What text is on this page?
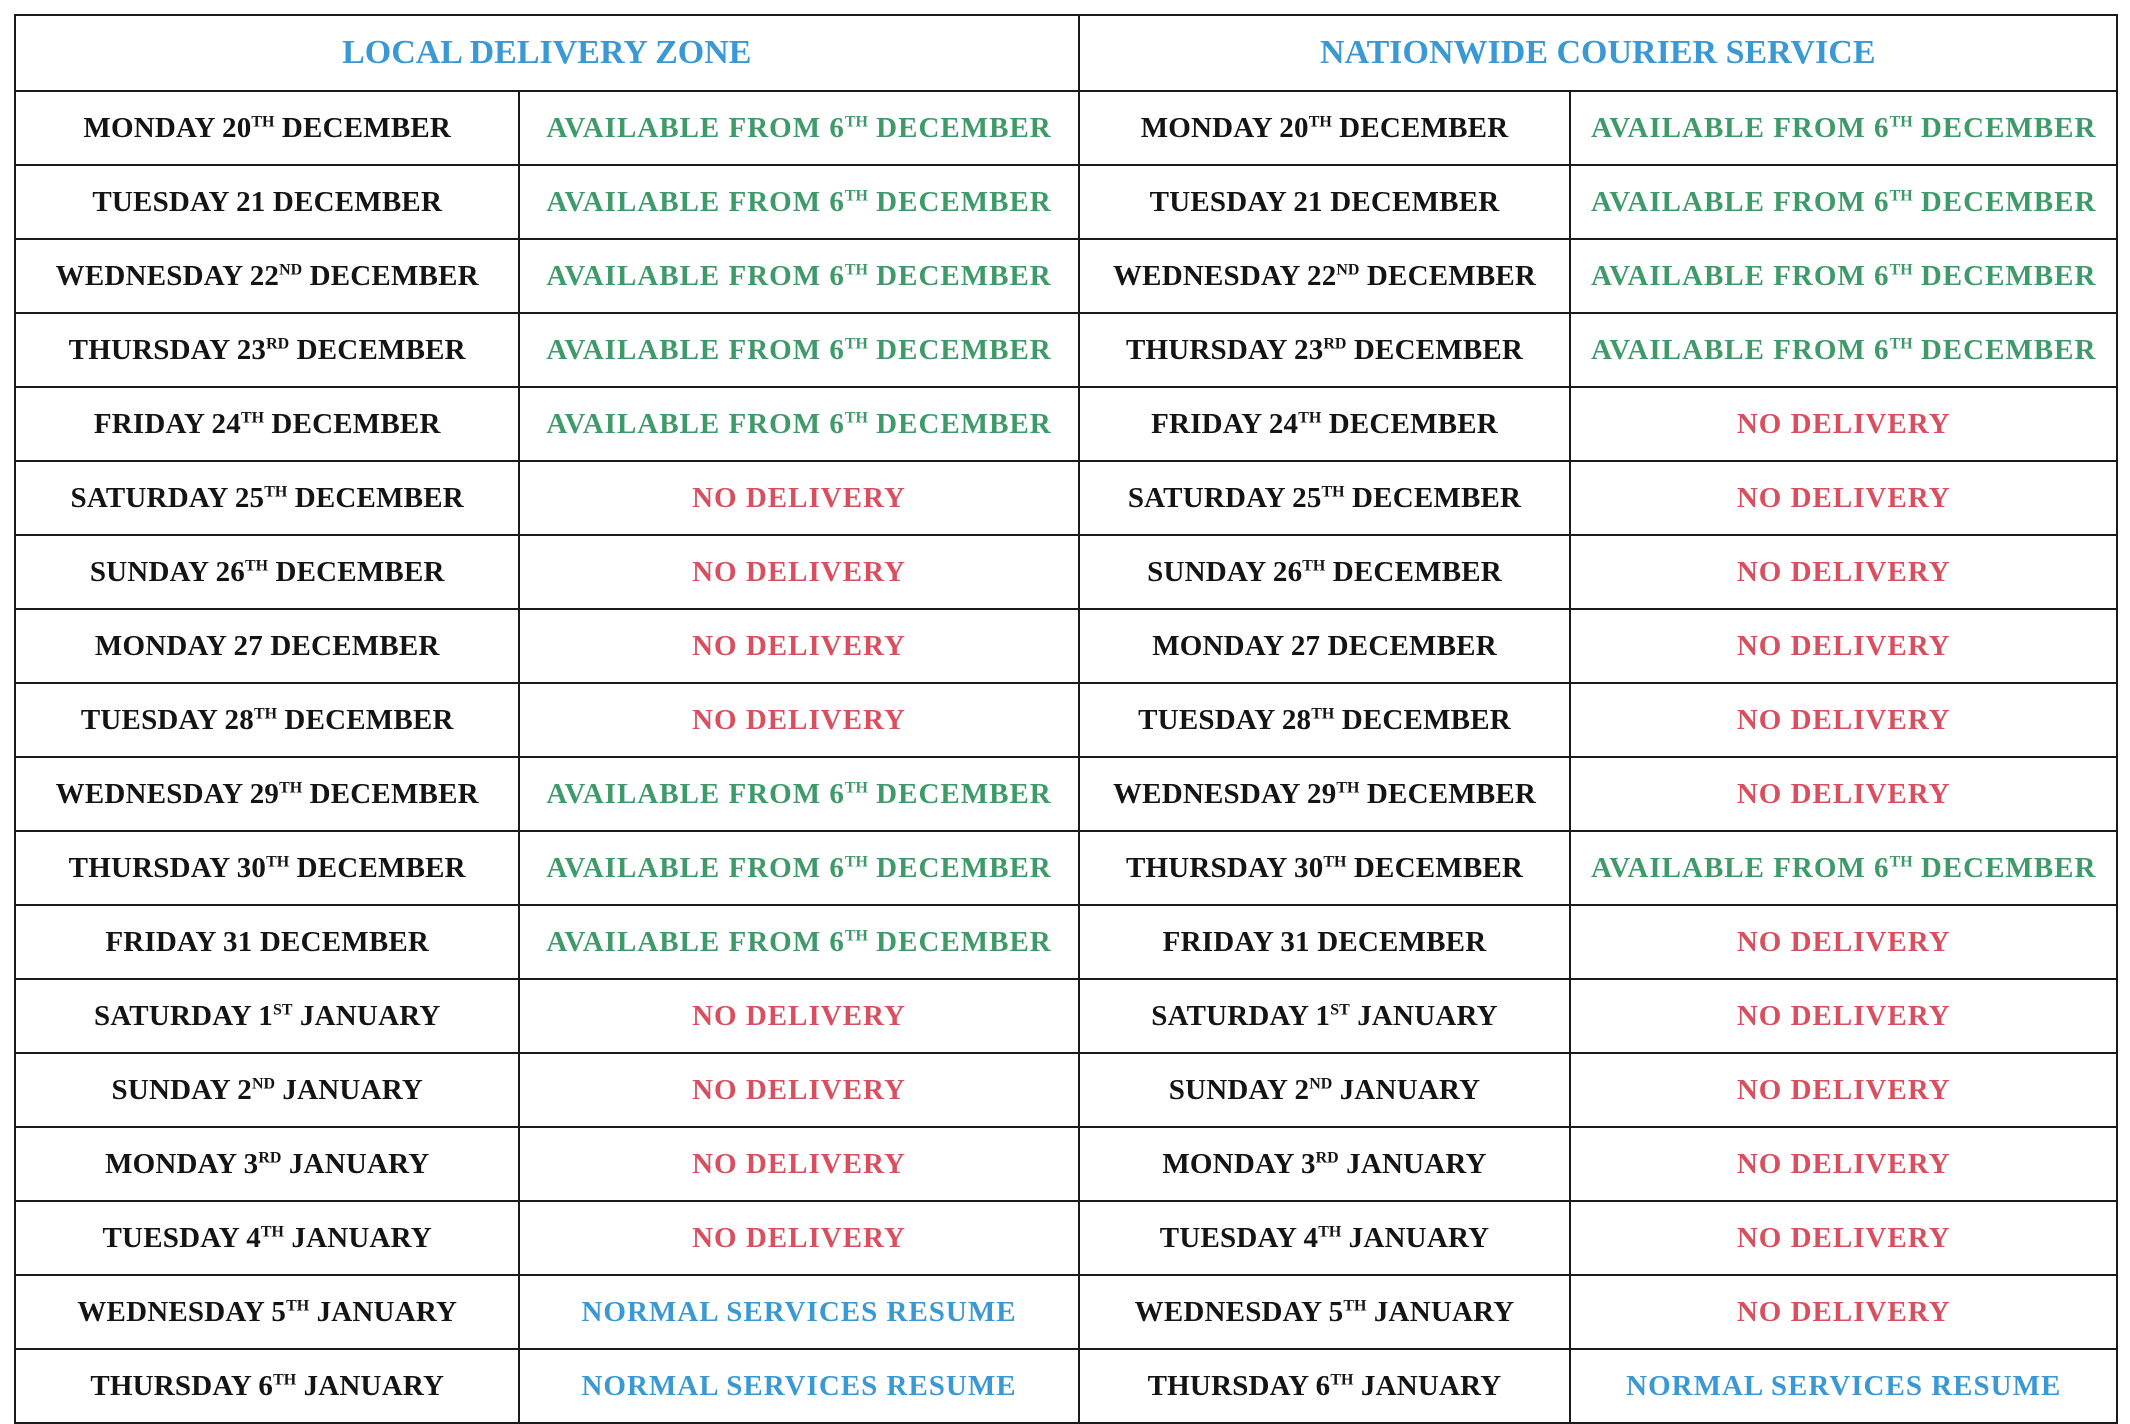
LOCAL DELIVERY ZONE		NATIONWIDE COURIER SERVICE	
MONDAY 20TH DECEMBER	AVAILABLE FROM 6TH DECEMBER	MONDAY 20TH DECEMBER	AVAILABLE FROM 6TH DECEMBER
TUESDAY 21 DECEMBER	AVAILABLE FROM 6TH DECEMBER	TUESDAY 21 DECEMBER	AVAILABLE FROM 6TH DECEMBER
WEDNESDAY 22ND DECEMBER	AVAILABLE FROM 6TH DECEMBER	WEDNESDAY 22ND DECEMBER	AVAILABLE FROM 6TH DECEMBER
THURSDAY 23RD DECEMBER	AVAILABLE FROM 6TH DECEMBER	THURSDAY 23RD DECEMBER	AVAILABLE FROM 6TH DECEMBER
FRIDAY 24TH DECEMBER	AVAILABLE FROM 6TH DECEMBER	FRIDAY 24TH DECEMBER	NO DELIVERY
SATURDAY 25TH DECEMBER	NO DELIVERY	SATURDAY 25TH DECEMBER	NO DELIVERY
SUNDAY 26TH DECEMBER	NO DELIVERY	SUNDAY 26TH DECEMBER	NO DELIVERY
MONDAY 27 DECEMBER	NO DELIVERY	MONDAY 27 DECEMBER	NO DELIVERY
TUESDAY 28TH DECEMBER	NO DELIVERY	TUESDAY 28TH DECEMBER	NO DELIVERY
WEDNESDAY 29TH DECEMBER	AVAILABLE FROM 6TH DECEMBER	WEDNESDAY 29TH DECEMBER	NO DELIVERY
THURSDAY 30TH DECEMBER	AVAILABLE FROM 6TH DECEMBER	THURSDAY 30TH DECEMBER	AVAILABLE FROM 6TH DECEMBER
FRIDAY 31 DECEMBER	AVAILABLE FROM 6TH DECEMBER	FRIDAY 31 DECEMBER	NO DELIVERY
SATURDAY 1ST JANUARY	NO DELIVERY	SATURDAY 1ST JANUARY	NO DELIVERY
SUNDAY 2ND JANUARY	NO DELIVERY	SUNDAY 2ND JANUARY	NO DELIVERY
MONDAY 3RD JANUARY	NO DELIVERY	MONDAY 3RD JANUARY	NO DELIVERY
TUESDAY 4TH JANUARY	NO DELIVERY	TUESDAY 4TH JANUARY	NO DELIVERY
WEDNESDAY 5TH JANUARY	NORMAL SERVICES RESUME	WEDNESDAY 5TH JANUARY	NO DELIVERY
THURSDAY 6TH JANUARY	NORMAL SERVICES RESUME	THURSDAY 6TH JANUARY	NORMAL SERVICES RESUME
